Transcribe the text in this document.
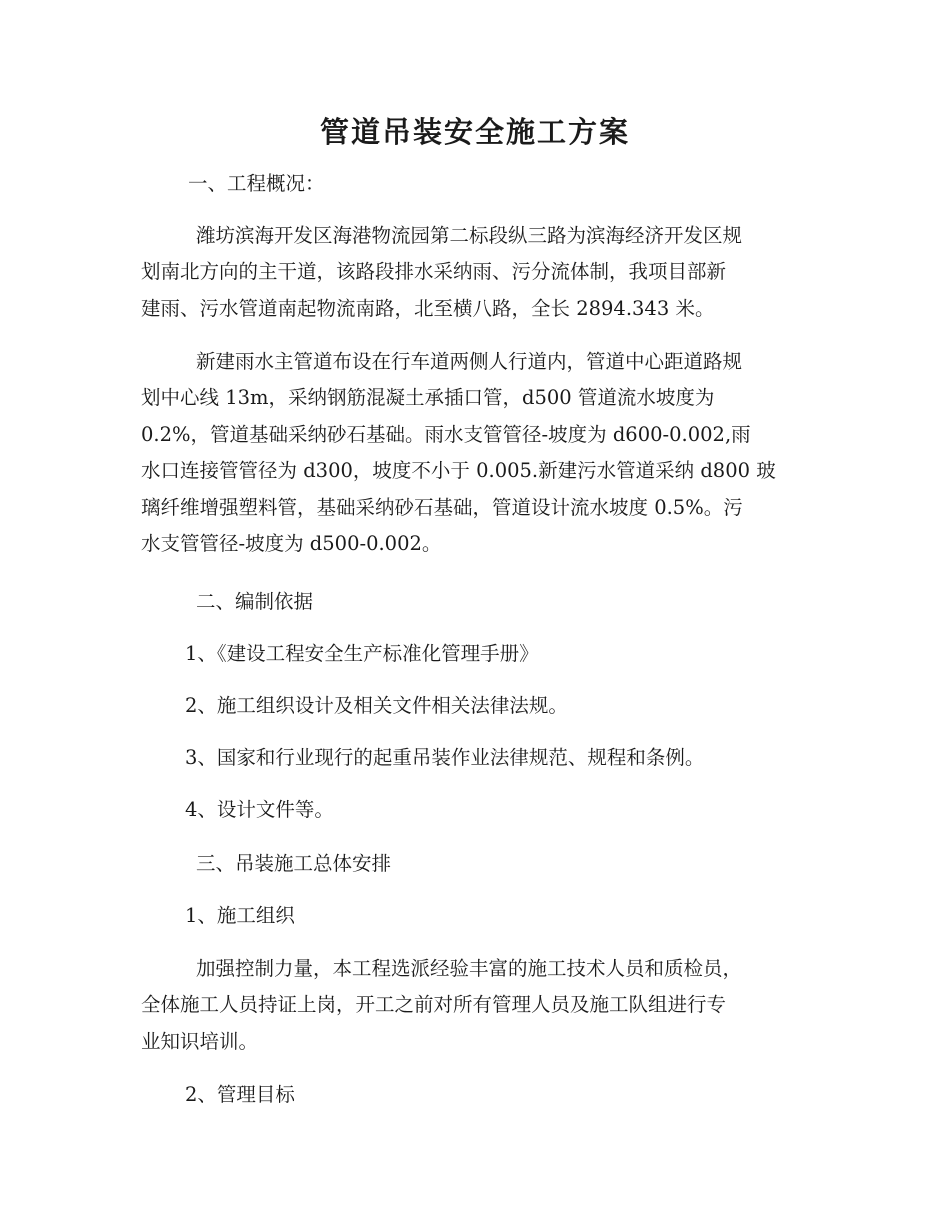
管道吊装安全施工方案

一、工程概况：

潍坊滨海开发区海港物流园第二标段纵三路为滨海经济开发区规

划南北方向的主干道，该路段排水采纳雨、污分流体制，我项目部新

建雨、污水管道南起物流南路，北至横八路，全长 2894.343 米。

新建雨水主管道布设在行车道两侧人行道内，管道中心距道路规

划中心线 13m，采纳钢筋混凝土承插口管，d500 管道流水坡度为

0.2%，管道基础采纳砂石基础。雨水支管管径-坡度为 d600-0.002,雨

水口连接管管径为 d300，坡度不小于 0.005.新建污水管道采纳 d800 玻

璃纤维增强塑料管，基础采纳砂石基础，管道设计流水坡度 0.5%。污

水支管管径-坡度为 d500-0.002。

二、编制依据

1、《建设工程安全生产标准化管理手册》

2、施工组织设计及相关文件相关法律法规。

3、国家和行业现行的起重吊装作业法律规范、规程和条例。

4、设计文件等。

三、吊装施工总体安排

1、施工组织

加强控制力量，本工程选派经验丰富的施工技术人员和质检员，

全体施工人员持证上岗，开工之前对所有管理人员及施工队组进行专

业知识培训。

2、管理目标
